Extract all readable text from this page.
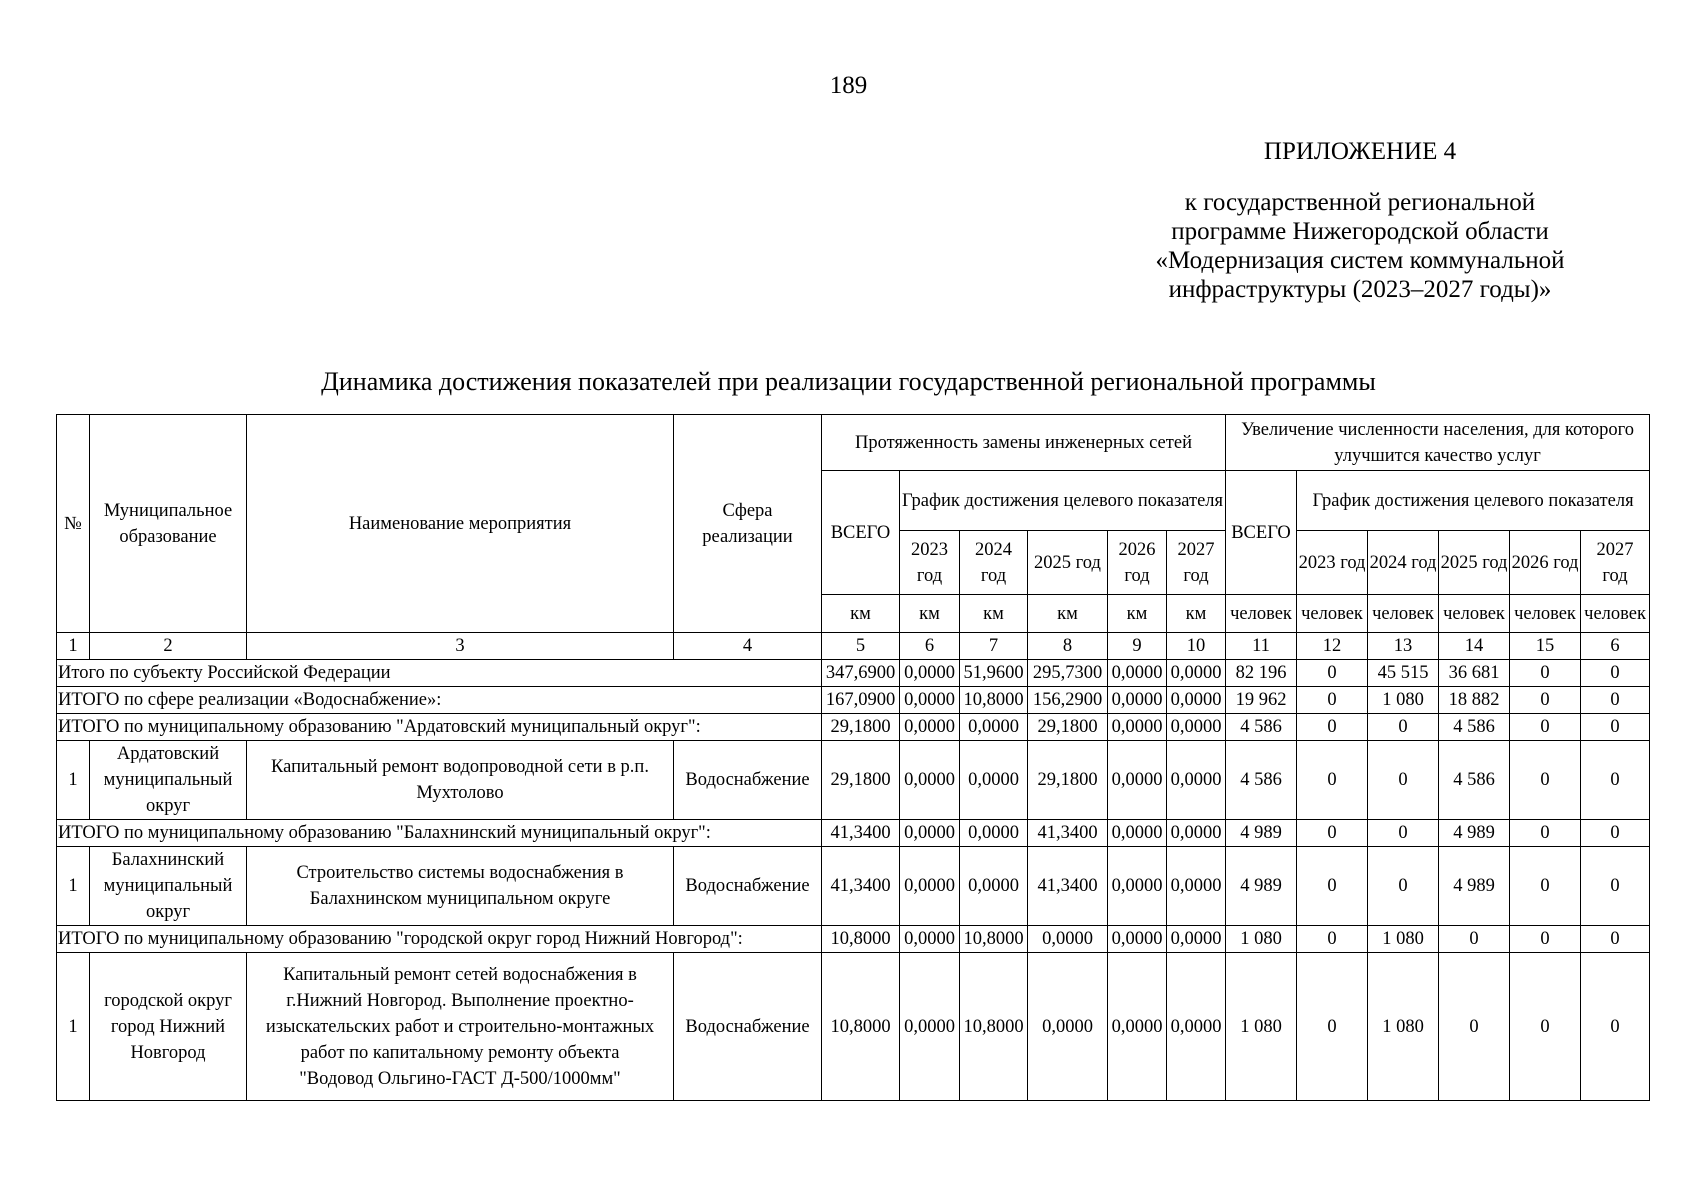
189
ПРИЛОЖЕНИЕ 4
к государственной региональной
программе Нижегородской области
«Модернизация систем коммунальной
инфраструктуры (2023–2027 годы)»
Динамика достижения показателей при реализации государственной региональной программы
№	Муниципальное образование	Наименование мероприятия	Сфера реализации	Протяженность замены инженерных сетей						Увеличение численности населения, для которого улучшится качество услуг					
				ВСЕГО	График достижения целевого показателя					ВСЕГО	График достижения целевого показателя				
					2023 год	2024 год	2025 год	2026 год	2027 год		2023 год	2024 год	2025 год	2026 год	2027 год
				км	км	км	км	км	км	человек	человек	человек	человек	человек	человек
1	2	3	4	5	6	7	8	9	10	11	12	13	14	15	6
Итого по субъекту Российской Федерации				347,6900	0,0000	51,9600	295,7300	0,0000	0,0000	82 196	0	45 515	36 681	0	0
ИТОГО по сфере реализации «Водоснабжение»:				167,0900	0,0000	10,8000	156,2900	0,0000	0,0000	19 962	0	1 080	18 882	0	0
ИТОГО по муниципальному образованию "Ардатовский муниципальный округ":				29,1800	0,0000	0,0000	29,1800	0,0000	0,0000	4 586	0	0	4 586	0	0
1	Ардатовский муниципальный округ	Капитальный ремонт водопроводной сети в р.п. Мухтолово	Водоснабжение	29,1800	0,0000	0,0000	29,1800	0,0000	0,0000	4 586	0	0	4 586	0	0
ИТОГО по муниципальному образованию "Балахнинский муниципальный округ":				41,3400	0,0000	0,0000	41,3400	0,0000	0,0000	4 989	0	0	4 989	0	0
1	Балахнинский муниципальный округ	Строительство системы водоснабжения в Балахнинском муниципальном округе	Водоснабжение	41,3400	0,0000	0,0000	41,3400	0,0000	0,0000	4 989	0	0	4 989	0	0
ИТОГО по муниципальному образованию "городской округ город Нижний Новгород":				10,8000	0,0000	10,8000	0,0000	0,0000	0,0000	1 080	0	1 080	0	0	0
1	городской округ город Нижний Новгород	Капитальный ремонт сетей водоснабжения в г.Нижний Новгород. Выполнение проектно-изыскательских работ и строительно-монтажных работ по капитальному ремонту объекта "Водовод Ольгино-ГАСТ Д-500/1000мм"	Водоснабжение	10,8000	0,0000	10,8000	0,0000	0,0000	0,0000	1 080	0	1 080	0	0	0
